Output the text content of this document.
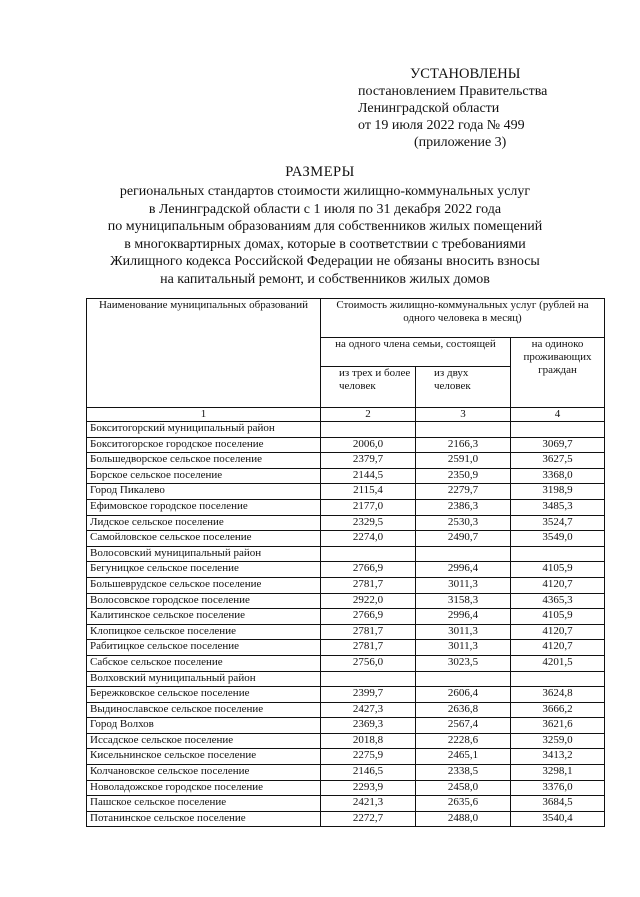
УСТАНОВЛЕНЫ
постановлением Правительства
Ленинградской области
от 19 июля 2022 года № 499
(приложение 3)
РАЗМЕРЫ
региональных стандартов стоимости жилищно-коммунальных услуг
в Ленинградской области с 1 июля по 31 декабря 2022 года
по муниципальным образованиям для собственников жилых помещений
в многоквартирных домах, которые в соответствии с требованиями
Жилищного кодекса Российской Федерации не обязаны вносить взносы
на капитальный ремонт, и собственников жилых домов
Наименование муниципальных образований	Стоимость жилищно-коммунальных услуг (рублей на одного человека в месяц)		
	на одного члена семьи, состоящей		на одиноко проживающих граждан
	из трех и более человек	из двух человек	
1	2	3	4
Бокситогорский муниципальный район			
Бокситогорское городское поселение	2006,0	2166,3	3069,7
Большедворское сельское поселение	2379,7	2591,0	3627,5
Борское сельское поселение	2144,5	2350,9	3368,0
Город Пикалево	2115,4	2279,7	3198,9
Ефимовское городское поселение	2177,0	2386,3	3485,3
Лидское сельское поселение	2329,5	2530,3	3524,7
Самойловское сельское поселение	2274,0	2490,7	3549,0
Волосовский муниципальный район			
Бегуницкое сельское поселение	2766,9	2996,4	4105,9
Большеврудское сельское поселение	2781,7	3011,3	4120,7
Волосовское городское поселение	2922,0	3158,3	4365,3
Калитинское сельское поселение	2766,9	2996,4	4105,9
Клопицкое сельское поселение	2781,7	3011,3	4120,7
Рабитицкое сельское поселение	2781,7	3011,3	4120,7
Сабское сельское поселение	2756,0	3023,5	4201,5
Волховский муниципальный район			
Бережковское сельское поселение	2399,7	2606,4	3624,8
Выдинославское сельское поселение	2427,3	2636,8	3666,2
Город Волхов	2369,3	2567,4	3621,6
Иссадское сельское поселение	2018,8	2228,6	3259,0
Кисельнинское сельское поселение	2275,9	2465,1	3413,2
Колчановское сельское поселение	2146,5	2338,5	3298,1
Новоладожское городское поселение	2293,9	2458,0	3376,0
Пашское сельское поселение	2421,3	2635,6	3684,5
Потанинское сельское поселение	2272,7	2488,0	3540,4
